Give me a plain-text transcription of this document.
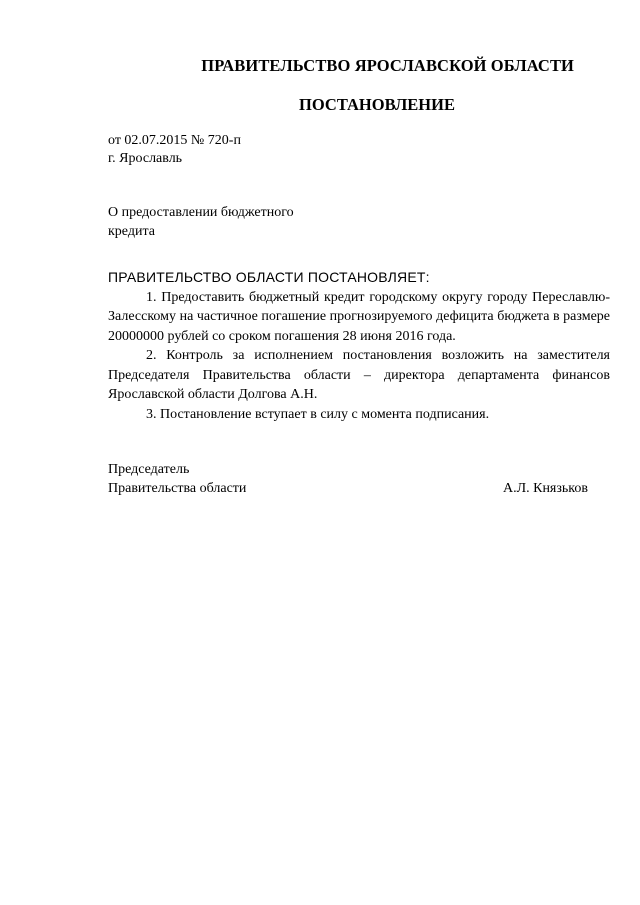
ПРАВИТЕЛЬСТВО ЯРОСЛАВСКОЙ ОБЛАСТИ
ПОСТАНОВЛЕНИЕ
от 02.07.2015 № 720-п
г. Ярославль
О предоставлении бюджетного
кредита
ПРАВИТЕЛЬСТВО ОБЛАСТИ ПОСТАНОВЛЯЕТ:

1. Предоставить бюджетный кредит городскому округу городу Переславлю-Залесскому на частичное погашение прогнозируемого дефицита бюджета в размере 20000000 рублей со сроком погашения 28 июня 2016 года.

2. Контроль за исполнением постановления возложить на заместителя Председателя Правительства области – директора департамента финансов Ярославской области Долгова А.Н.

3. Постановление вступает в силу с момента подписания.

Председатель
Правительства области	А.Л. Князьков
